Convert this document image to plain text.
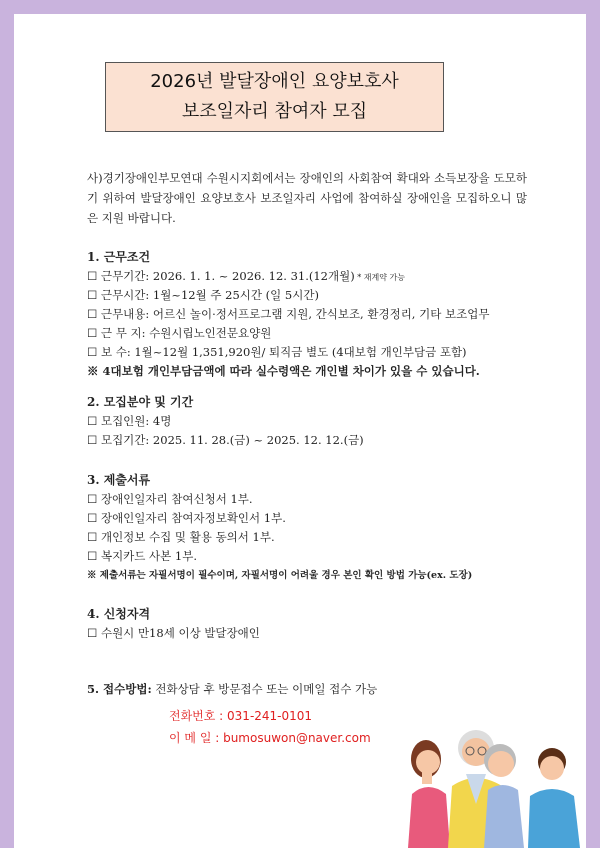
2026년 발달장애인 요양보호사
보조일자리 참여자 모집
사)경기장애인부모연대 수원시지회에서는 장애인의 사회참여 확대와 소득보장을 도모하기 위하여 발달장애인 요양보호사 보조일자리 사업에 참여하실 장애인을 모집하오니 많은 지원 바랍니다.
1. 근무조건
☐ 근무기간: 2026. 1. 1. ~ 2026. 12. 31.(12개월) * 재계약 가능
☐ 근무시간: 1월~12월 주 25시간 (일 5시간)
☐ 근무내용: 어르신 놀이·정서프로그램 지원, 간식보조, 환경정리, 기타 보조업무
☐ 근 무 지: 수원시립노인전문요양원
☐ 보 수: 1월~12월 1,351,920원/ 퇴직금 별도 (4대보험 개인부담금 포함)
※ 4대보험 개인부담금액에 따라 실수령액은 개인별 차이가 있을 수 있습니다.
2. 모집분야 및 기간
☐ 모집인원: 4명
☐ 모집기간: 2025. 11. 28.(금) ~ 2025. 12. 12.(금)
3. 제출서류
☐ 장애인일자리 참여신청서 1부.
☐ 장애인일자리 참여자정보확인서 1부.
☐ 개인정보 수집 및 활용 동의서 1부.
☐ 복지카드 사본 1부.
※ 제출서류는 자필서명이 필수이며, 자필서명이 어려울 경우 본인 확인 방법 가능(ex. 도장)
4. 신청자격
☐ 수원시 만18세 이상 발달장애인
5. 접수방법: 전화상담 후 방문접수 또는 이메일 접수 가능
전화번호 : 031-241-0101
이 메 일 : bumosuwon@naver.com
